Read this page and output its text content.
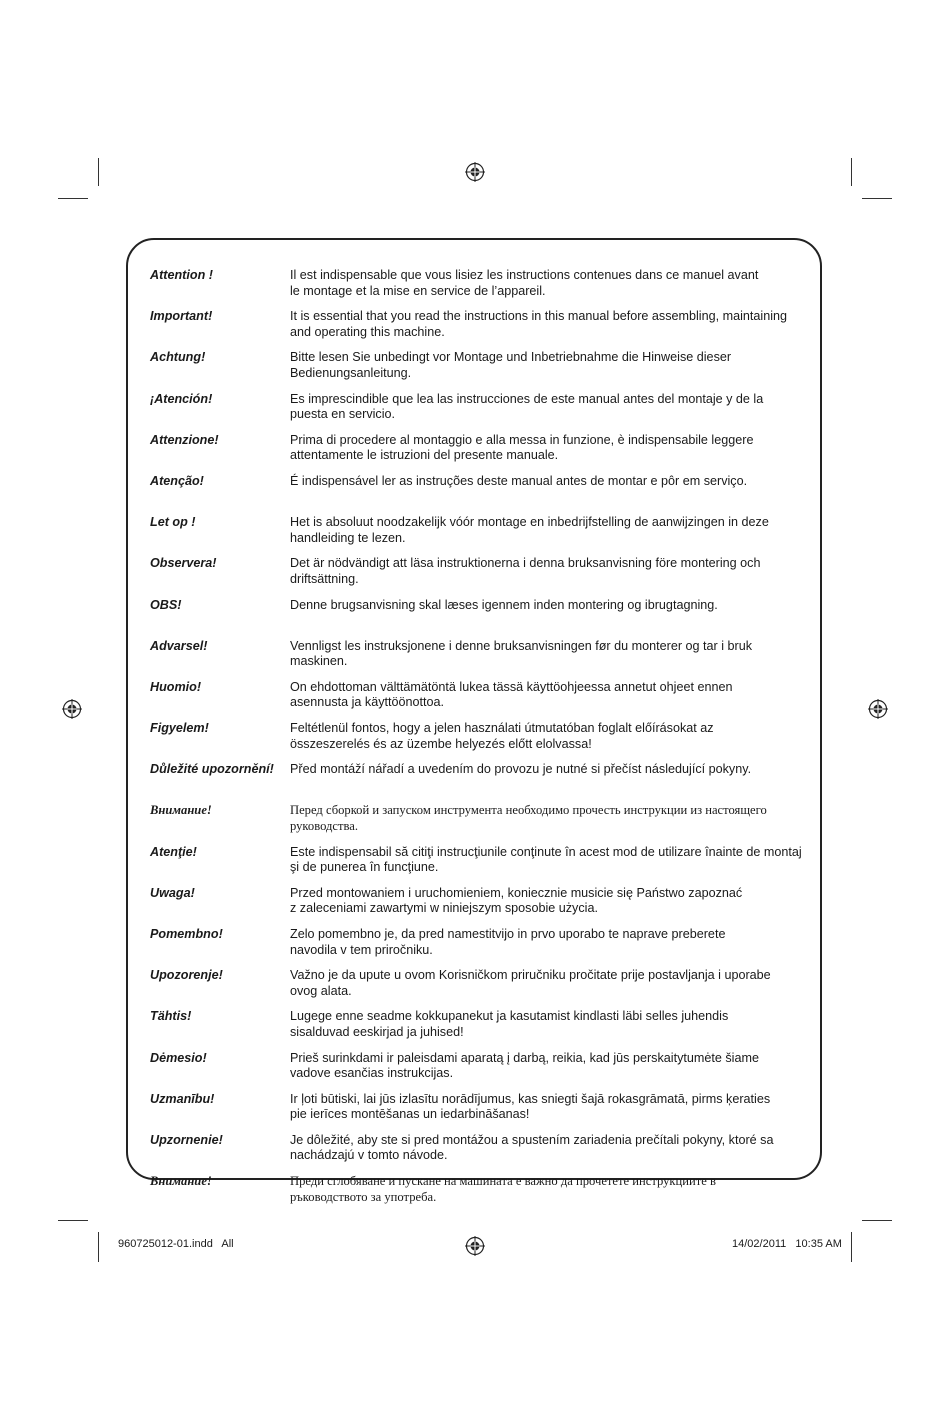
Attention !	Il est indispensable que vous lisiez les instructions contenues dans ce manuel avant
le montage et la mise en service de l’appareil.
Important!	It is essential that you read the instructions in this manual before assembling, maintaining
and operating this machine.
Achtung!	Bitte lesen Sie unbedingt vor Montage und Inbetriebnahme die Hinweise dieser
Bedienungsanleitung.
¡Atención!	Es imprescindible que lea las instrucciones de este manual antes del montaje y de la
puesta en servicio.
Attenzione!	Prima di procedere al montaggio e alla messa in funzione, è indispensabile leggere
attentamente le istruzioni del presente manuale.
Atenção!	É indispensável ler as instruções deste manual antes de montar e pôr em serviço.
Let op !	Het is absoluut noodzakelijk vóór montage en inbedrijfstelling de aanwijzingen in deze
handleiding te lezen.
Observera!	Det är nödvändigt att läsa instruktionerna i denna bruksanvisning före montering och
driftsättning.
OBS!	Denne brugsanvisning skal læses igennem inden montering og ibrugtagning.
Advarsel!	Vennligst les instruksjonene i denne bruksanvisningen før du monterer og tar i bruk
maskinen.
Huomio!	On ehdottoman välttämätöntä lukea tässä käyttöohjeessa annetut ohjeet ennen
asennusta ja käyttöönottoa.
Figyelem!	Feltétlenül fontos, hogy a jelen használati útmutatóban foglalt előírásokat az
összeszerelés és az üzembe helyezés előtt elolvassa!
Důležité upozornění!	Před montáží nářadí a uvedením do provozu je nutné si přečíst následující pokyny.
Внимание!	Перед сборкой и запуском инструмента необходимо прочесть инструкции из настоящего
руководства.
Atenţie!	Este indispensabil să citiţi instrucţiunile conţinute în acest mod de utilizare înainte de montaj
şi de punerea în funcţiune.
Uwaga!	Przed montowaniem i uruchomieniem, koniecznie musicie się Państwo zapoznać
z zaleceniami zawartymi w niniejszym sposobie użycia.
Pomembno!	Zelo pomembno je, da pred namestitvijo in prvo uporabo te naprave preberete
navodila v tem priročniku.
Upozorenje!	Važno je da upute u ovom Korisničkom priručniku pročitate prije postavljanja i uporabe
ovog alata.
Tähtis!	Lugege enne seadme kokkupanekut ja kasutamist kindlasti läbi selles juhendis
sisalduvad eeskirjad ja juhised!
Dėmesio!	Prieš surinkdami ir paleisdami aparatą į darbą, reikia, kad jūs perskaitytumėte šiame
vadove esančias instrukcijas.
Uzmanību!	Ir ļoti būtiski, lai jūs izlasītu norādījumus, kas sniegti šajā rokasgrāmatā, pirms ķeraties
pie ierīces montēšanas un iedarbināšanas!
Upzornenie!	Je dôležité, aby ste si pred montážou a spustením zariadenia prečítali pokyny, ktoré sa
nachádzajú v tomto návode.
Внимание!	Преди сглобяване и пускане на машината е важно да прочетете инструкциите в
ръководството за употреба.
960725012-01.indd   All	14/02/2011   10:35 AM
